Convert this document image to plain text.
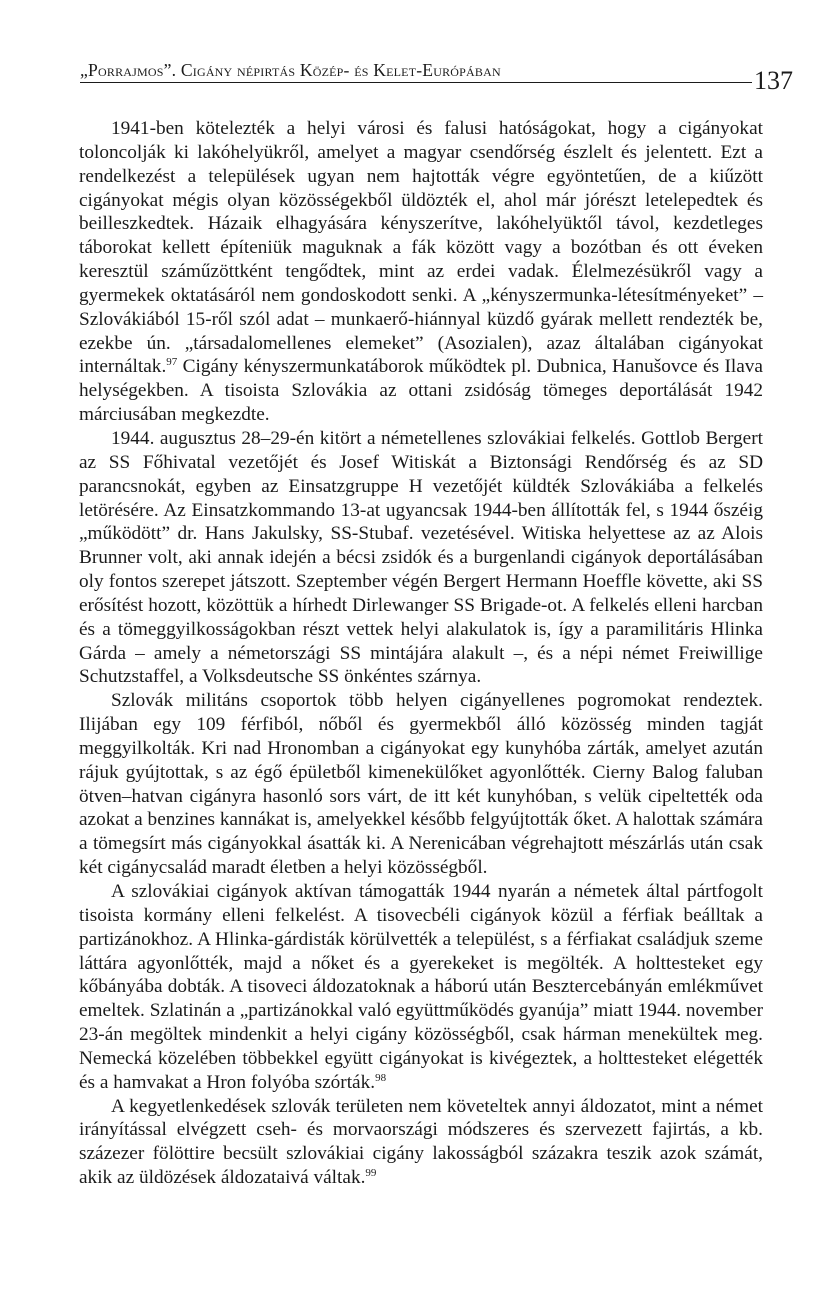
„Porrajmos”. Cigány népirtás Közép- és Kelet-Európában	137

1941-ben kötelezték a helyi városi és falusi hatóságokat, hogy a cigányokat toloncolják ki lakóhelyükről, amelyet a magyar csendőrség észlelt és jelentett. Ezt a rendelkezést a települések ugyan nem hajtották végre egyöntetűen, de a kiűzött cigányokat mégis olyan közösségekből üldözték el, ahol már jórészt letelepedtek és beilleszkedtek. Házaik elhagyására kényszerítve, lakóhelyüktől távol, kezdetleges táborokat kellett építeniük maguknak a fák között vagy a bozótban és ott éveken keresztül száműzöttként tengődtek, mint az erdei vadak. Élelmezésükről vagy a gyermekek oktatásáról nem gondoskodott senki. A „kényszermunka-létesítményeket” – Szlovákiából 15-ről szól adat – munkaerő-hiánnyal küzdő gyárak mellett rendezték be, ezekbe ún. „társadalomellenes elemeket” (Asozialen), azaz általában cigányokat internáltak.$^{97}$ Cigány kényszermunkatáborok működtek pl. Dubnica, Hanušovce és Ilava helységekben. A tisoista Szlovákia az ottani zsidóság tömeges deportálását 1942 márciusában megkezdte.

1944. augusztus 28–29-én kitört a németellenes szlovákiai felkelés. Gottlob Bergert az SS Főhivatal vezetőjét és Josef Witiskát a Biztonsági Rendőrség és az SD parancsnokát, egyben az Einsatzgruppe H vezetőjét küldték Szlovákiába a felkelés letörésére. Az Einsatzkommando 13-at ugyancsak 1944-ben állították fel, s 1944 őszéig „működött” dr. Hans Jakulsky, SS-Stubaf. vezetésével. Witiska helyettese az az Alois Brunner volt, aki annak idején a bécsi zsidók és a burgenlandi cigányok deportálásában oly fontos szerepet játszott. Szeptember végén Bergert Hermann Hoeffle követte, aki SS erősítést hozott, közöttük a hírhedt Dirlewanger SS Brigade-ot. A felkelés elleni harcban és a tömeggyilkosságokban részt vettek helyi alakulatok is, így a paramilitáris Hlinka Gárda – amely a németországi SS mintájára alakult –, és a népi német Freiwillige Schutzstaffel, a Volksdeutsche SS önkéntes szárnya.

Szlovák militáns csoportok több helyen cigányellenes pogromokat rendeztek. Ilijában egy 109 férfiból, nőből és gyermekből álló közösség minden tagját meggyilkolták. Kri nad Hronomban a cigányokat egy kunyhóba zárták, amelyet azután rájuk gyújtottak, s az égő épületből kimenekülőket agyonlőtték. Cierny Balog faluban ötven–hatvan cigányra hasonló sors várt, de itt két kunyhóban, s velük cipeltették oda azokat a benzines kannákat is, amelyekkel később felgyújtották őket. A halottak számára a tömegsírt más cigányokkal ásatták ki. A Nerenicában végrehajtott mészárlás után csak két cigánycsalád maradt életben a helyi közösségből.

A szlovákiai cigányok aktívan támogatták 1944 nyarán a németek által pártfogolt tisoista kormány elleni felkelést. A tisovecbéli cigányok közül a férfiak beálltak a partizánokhoz. A Hlinka-gárdisták körülvették a települést, s a férfiakat családjuk szeme láttára agyonlőtték, majd a nőket és a gyerekeket is megölték. A holttesteket egy kőbányába dobták. A tisoveci áldozatoknak a háború után Besztercebányán emlékművet emeltek. Szlatinán a „partizánokkal való együttműködés gyanúja” miatt 1944. november 23-án megöltek mindenkit a helyi cigány közösségből, csak hárman menekültek meg. Nemecká közelében többekkel együtt cigányokat is kivégeztek, a holttesteket elégették és a hamvakat a Hron folyóba szórták.$^{98}$

A kegyetlenkedések szlovák területen nem követeltek annyi áldozatot, mint a német irányítással elvégzett cseh- és morvaországi módszeres és szervezett fajirtás, a kb. százezer fölöttire becsült szlovákiai cigány lakosságból százakra teszik azok számát, akik az üldözések áldozataivá váltak.$^{99}$
